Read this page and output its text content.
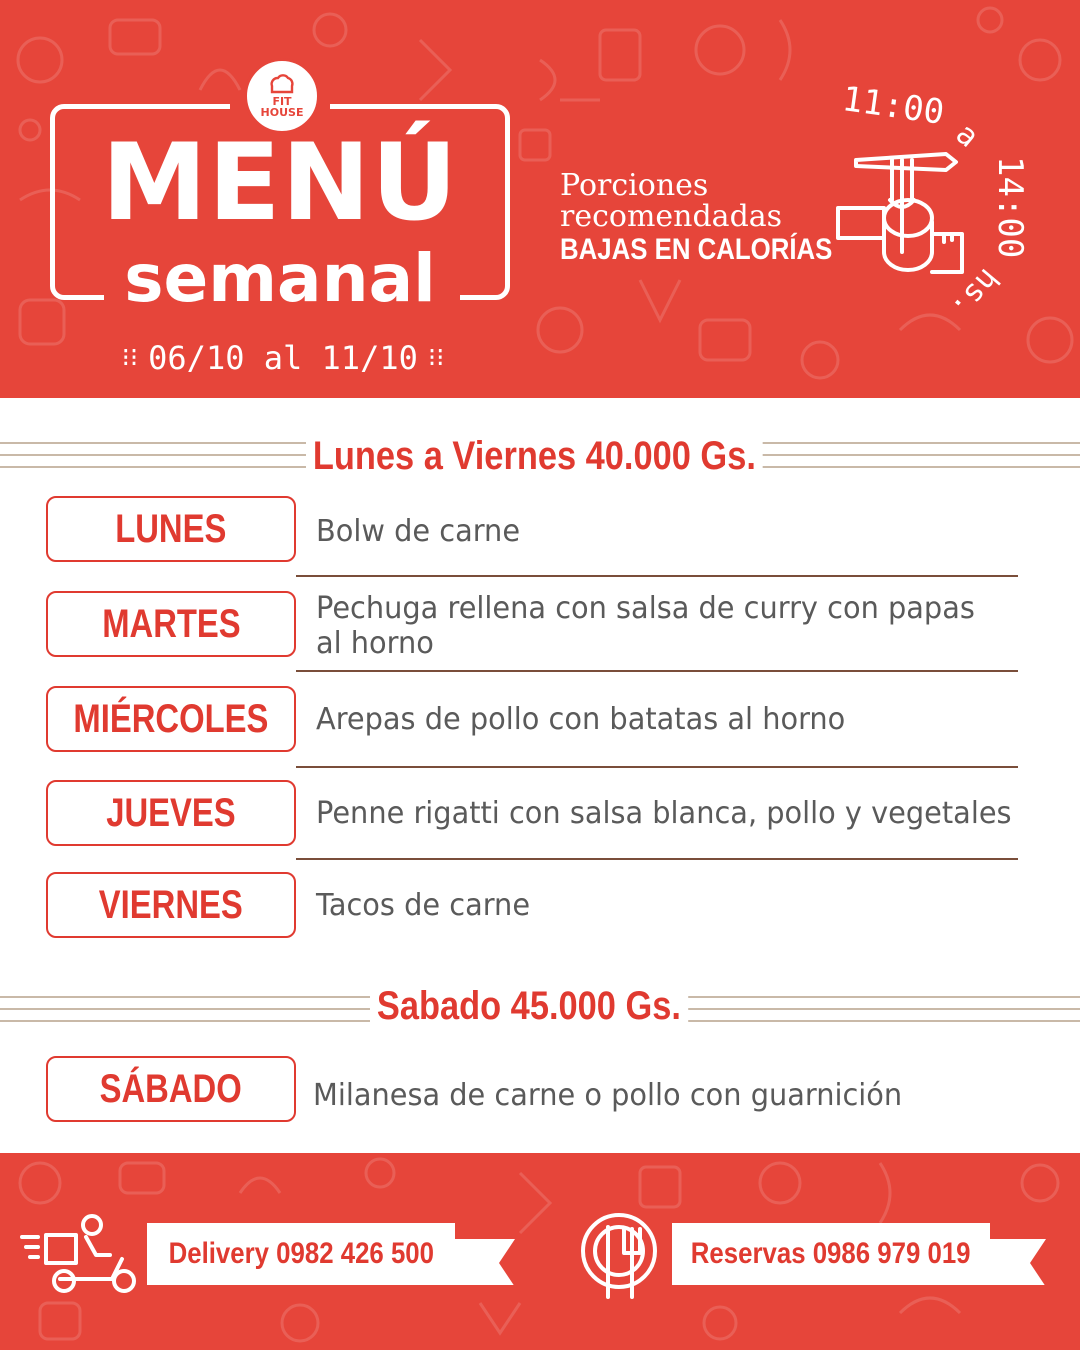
FIT
HOUSE
MENÚ
semanal
⁝⁝ 06/10 al 11/10 ⁝⁝
Porciones
recomendadas
BAJAS EN CALORÍAS
11:00
a
14:00
hs.
Lunes a Viernes 40.000 Gs.
LUNES	Bolw de carne
MARTES	Pechuga rellena con salsa de curry con papas al horno
MIÉRCOLES Arepas de pollo con batatas al horno
JUEVES	Penne rigatti con salsa blanca, pollo y vegetales
VIERNES Tacos de carne
Sabado 45.000 Gs.
SÁBADO Milanesa de carne o pollo con guarnición
Delivery 0982 426 500	Reservas 0986 979 019
